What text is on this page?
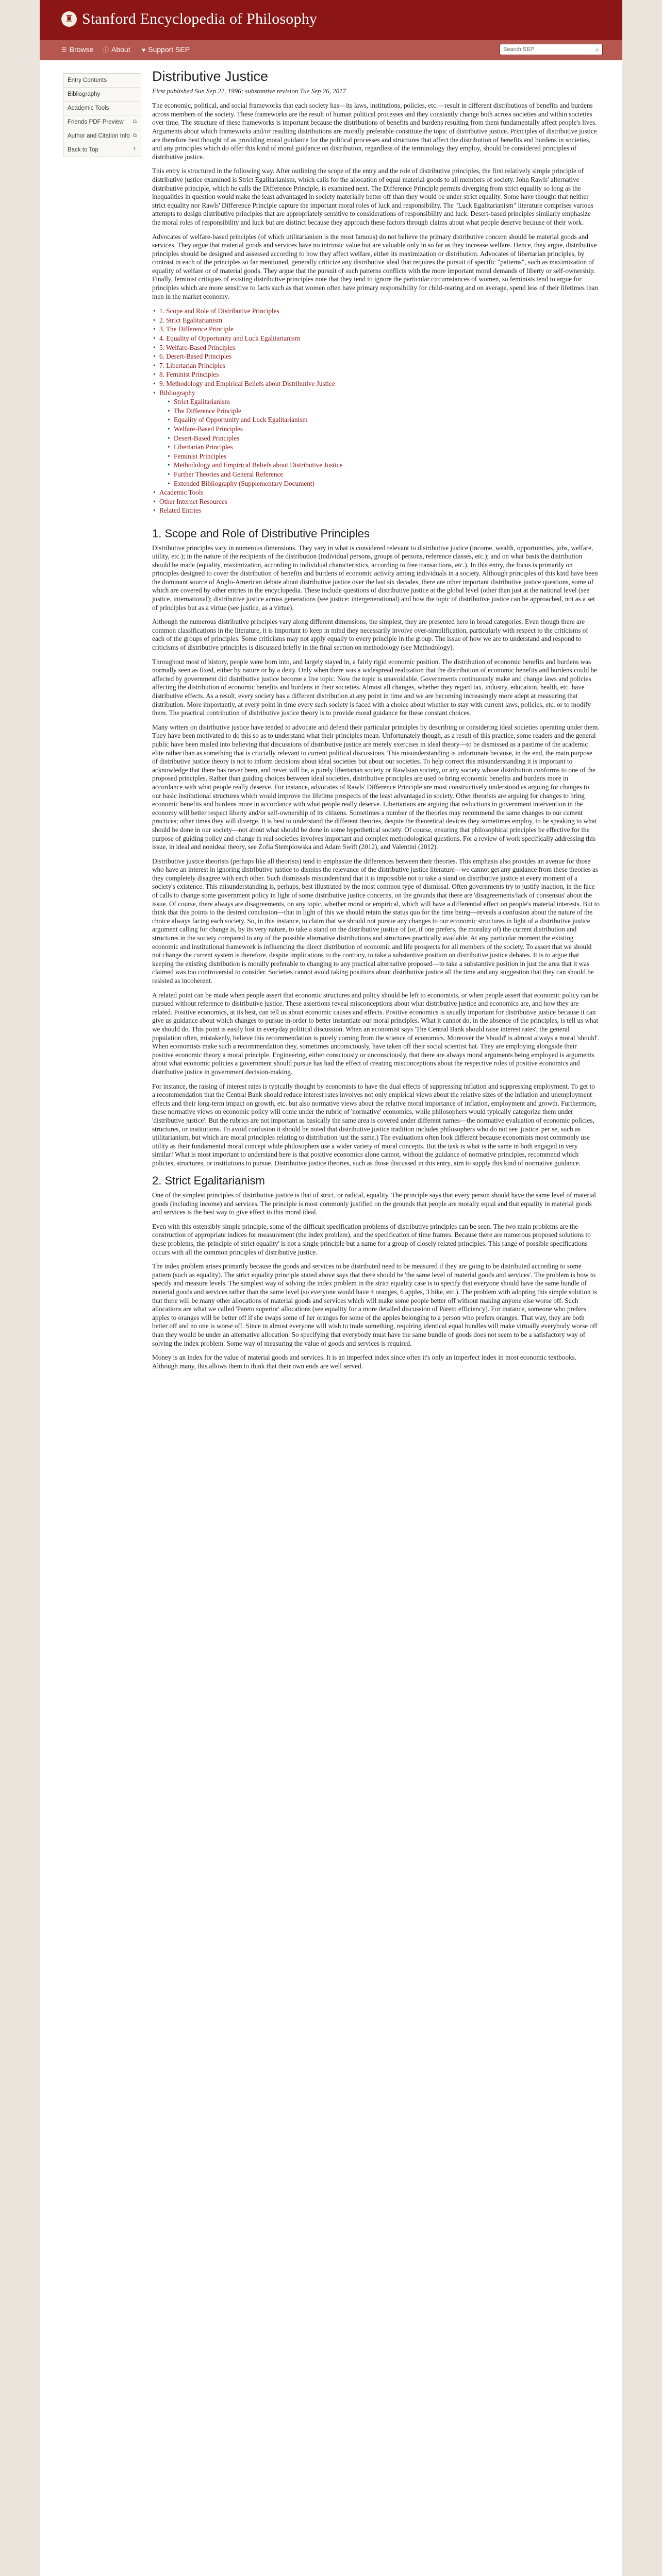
♜ Stanford Encyclopedia of Philosophy
☰ Browse ⓘ About ♥ Support SEP	Search SEP	⌕
Entry Contents
Bibliography
Academic Tools
Friends PDF Preview ⧉
Author and Citation Info ⧉
Back to Top	⇡
Distributive Justice
First published Sun Sep 22, 1996; substantive revision Tue Sep 26, 2017

The economic, political, and social frameworks that each society has—its laws, institutions, policies, etc.—result in different distributions of benefits and burdens across members of the society. These frameworks are the result of human political processes and they constantly change both across societies and within societies over time. The structure of these frameworks is important because the distributions of benefits and burdens resulting from them fundamentally affect people's lives. Arguments about which frameworks and/or resulting distributions are morally preferable constitute the topic of distributive justice. Principles of distributive justice are therefore best thought of as providing moral guidance for the political processes and structures that affect the distribution of benefits and burdens in societies, and any principles which do offer this kind of moral guidance on distribution, regardless of the terminology they employ, should be considered principles of distributive justice.

This entry is structured in the following way. After outlining the scope of the entry and the role of distributive principles, the first relatively simple principle of distributive justice examined is Strict Egalitarianism, which calls for the allocation of equal material goods to all members of society. John Rawls' alternative distributive principle, which he calls the Difference Principle, is examined next. The Difference Principle permits diverging from strict equality so long as the inequalities in question would make the least advantaged in society materially better off than they would be under strict equality. Some have thought that neither strict equality nor Rawls' Difference Principle capture the important moral roles of luck and responsibility. The "Luck Egalitarianism" literature comprises various attempts to design distributive principles that are appropriately sensitive to considerations of responsibility and luck. Desert-based principles similarly emphasize the moral roles of responsibility and luck but are distinct because they approach these factors through claims about what people deserve because of their work.

Advocates of welfare-based principles (of which utilitarianism is the most famous) do not believe the primary distributive concern should be material goods and services. They argue that material goods and services have no intrinsic value but are valuable only in so far as they increase welfare. Hence, they argue, distributive principles should be designed and assessed according to how they affect welfare, either its maximization or distribution. Advocates of libertarian principles, by contrast in each of the principles so far mentioned, generally criticize any distributive ideal that requires the pursuit of specific "patterns", such as maximization of equality of welfare or of material goods. They argue that the pursuit of such patterns conflicts with the more important moral demands of liberty or self-ownership. Finally, feminist critiques of existing distributive principles note that they tend to ignore the particular circumstances of women, so feminists tend to argue for principles which are more sensitive to facts such as that women often have primary responsibility for child-rearing and on average, spend less of their lifetimes than men in the market economy.

• 1. Scope and Role of Distributive Principles
• 2. Strict Egalitarianism
• 3. The Difference Principle
• 4. Equality of Opportunity and Luck Egalitarianism
• 5. Welfare-Based Principles
• 6. Desert-Based Principles
• 7. Libertarian Principles
• 8. Feminist Principles
• 9. Methodology and Empirical Beliefs about Distributive Justice
• Bibliography
• Strict Egalitarianism
• The Difference Principle
• Equality of Opportunity and Luck Egalitarianism
• Welfare-Based Principles
• Desert-Based Principles
• Libertarian Principles
• Feminist Principles
• Methodology and Empirical Beliefs about Distributive Justice
• Further Theories and General Reference
• Extended Bibliography (Supplementary Document)
• Academic Tools
• Other Internet Resources
• Related Entries
1. Scope and Role of Distributive Principles

Distributive principles vary in numerous dimensions. They vary in what is considered relevant to distributive justice (income, wealth, opportunities, jobs, welfare, utility, etc.); in the nature of the recipients of the distribution (individual persons, groups of persons, reference classes, etc.); and on what basis the distribution should be made (equality, maximization, according to individual characteristics, according to free transactions, etc.). In this entry, the focus is primarily on principles designed to cover the distribution of benefits and burdens of economic activity among individuals in a society. Although principles of this kind have been the dominant source of Anglo-American debate about distributive justice over the last six decades, there are other important distributive justice questions, some of which are covered by other entries in the encyclopedia. These include questions of distributive justice at the global level (other than just at the national level (see justice, international); distributive justice across generations (see justice: intergenerational) and how the topic of distributive justice can be approached, not as a set of principles but as a virtue (see justice, as a virtue).

Although the numerous distributive principles vary along different dimensions, the simplest, they are presented here in broad categories. Even though there are common classifications in the literature, it is important to keep in mind they necessarily involve over-simplification, particularly with respect to the criticisms of each of the groups of principles. Some criticisms may not apply equally to every principle in the group. The issue of how we are to understand and respond to criticisms of distributive principles is discussed briefly in the final section on methodology (see Methodology).

Throughout most of history, people were born into, and largely stayed in, a fairly rigid economic position. The distribution of economic benefits and burdens was normally seen as fixed, either by nature or by a deity. Only when there was a widespread realization that the distribution of economic benefits and burdens could be affected by government did distributive justice become a live topic. Now the topic is unavoidable. Governments continuously make and change laws and policies affecting the distribution of economic benefits and burdens in their societies. Almost all changes, whether they regard tax, industry, education, health, etc. have distributive effects. As a result, every society has a different distribution at any point in time and we are becoming increasingly more adept at measuring that distribution. More importantly, at every point in time every such society is faced with a choice about whether to stay with current laws, policies, etc. or to modify them. The practical contribution of distributive justice theory is to provide moral guidance for these constant choices.

Many writers on distributive justice have tended to advocate and defend their particular principles by describing or considering ideal societies operating under them. They have been motivated to do this so as to understand what their principles mean. Unfortunately though, as a result of this practice, some readers and the general public have been misled into believing that discussions of distributive justice are merely exercises in ideal theory—to be dismissed as a pastime of the academic elite rather than as something that is crucially relevant to current political discussions. This misunderstanding is unfortunate because, in the end, the main purpose of distributive justice theory is not to inform decisions about ideal societies but about our societies. To help correct this misunderstanding it is important to acknowledge that there has never been, and never will be, a purely libertarian society or Rawlsian society, or any society whose distribution conforms to one of the proposed principles. Rather than guiding choices between ideal societies, distributive principles are used to bring economic benefits and burdens more in accordance with what people really deserve. For instance, advocates of Rawls' Difference Principle are most constructively understood as arguing for changes to our basic institutional structures which would improve the lifetime prospects of the least advantaged in society. Other theorists are arguing for changes to bring economic benefits and burdens more in accordance with what people really deserve. Libertarians are arguing that reductions in government intervention in the economy will better respect liberty and/or self-ownership of its citizens. Sometimes a number of the theories may recommend the same changes to our current practices; other times they will diverge. It is best to understand the different theories, despite the theoretical devices they sometimes employ, to be speaking to what should be done in our society—not about what should be done in some hypothetical society. Of course, ensuring that philosophical principles be effective for the purpose of guiding policy and change in real societies involves important and complex methodological questions. For a review of work specifically addressing this issue, in ideal and nonideal theory, see Zofia Stemplowska and Adam Swift (2012), and Valentini (2012).

Distributive justice theorists (perhaps like all theorists) tend to emphasize the differences between their theories. This emphasis also provides an avenue for those who have an interest in ignoring distributive justice to dismiss the relevance of the distributive justice literature—we cannot get any guidance from these theories as they completely disagree with each other. Such dismissals misunderstand that it is impossible not to take a stand on distributive justice at every moment of a society's existence. This misunderstanding is, perhaps, best illustrated by the most common type of dismissal. Often governments try to justify inaction, in the face of calls to change some government policy in light of some distributive justice concerns, on the grounds that there are 'disagreements/lack of consensus' about the issue. Of course, there always are disagreements, on any topic, whether moral or empirical, which will have a differential effect on people's material interests. But to think that this points to the desired conclusion—that in light of this we should retain the status quo for the time being—reveals a confusion about the nature of the choice always facing each society. So, in this instance, to claim that we should not pursue any changes to our economic structures in light of a distributive justice argument calling for change is, by its very nature, to take a stand on the distributive justice of (or, if one prefers, the morality of) the current distribution and structures in the society compared to any of the possible alternative distributions and structures practically available. At any particular moment the existing economic and institutional framework is influencing the direct distribution of economic and life prospects for all members of the society. To assert that we should not change the current system is therefore, despite implications to the contrary, to take a substantive position on distributive justice debates. It is to argue that keeping the existing distribution is morally preferable to changing to any practical alternative proposed—to take a substantive position in just the area that it was claimed was too controversial to consider. Societies cannot avoid taking positions about distributive justice all the time and any suggestion that they can should be resisted as incoherent.

A related point can be made when people assert that economic structures and policy should be left to economists, or when people assert that economic policy can be pursued without reference to distributive justice. These assertions reveal misconceptions about what distributive justice and economics are, and how they are related. Positive economics, at its best, can tell us about economic causes and effects. Positive economics is usually important for distributive justice because it can give us guidance about which changes to pursue in-order to better instantiate our moral principles. What it cannot do, in the absence of the principles, is tell us what we should do. This point is easily lost in everyday political discussion. When an economist says 'The Central Bank should raise interest rates', the general population often, mistakenly, believe this recommendation is purely coming from the science of economics. Moreover the 'should' is almost always a moral 'should'. When economists make such a recommendation they, sometimes unconsciously, have taken off their social scientist hat. They are employing alongside their positive economic theory a moral principle. Engineering, either consciously or unconsciously, that there are always moral arguments being employed is arguments about what economic policies a government should pursue has had the effect of creating misconceptions about the respective roles of positive economics and distributive justice in government decision-making.

For instance, the raising of interest rates is typically thought by economists to have the dual effects of suppressing inflation and suppressing employment. To get to a recommendation that the Central Bank should reduce interest rates involves not only empirical views about the relative sizes of the inflation and unemployment effects and their long-term impact on growth, etc. but also normative views about the relative moral importance of inflation, employment and growth. Furthermore, these normative views on economic policy will come under the rubric of 'normative' economics, while philosophers would typically categorize them under 'distributive justice'. But the rubrics are not important as basically the same area is covered under different names—the normative evaluation of economic policies, structures, or institutions. To avoid confusion it should be noted that distributive justice tradition includes philosophers who do not see 'justice' per se, such as utilitarianism, but which are moral principles relating to distribution just the same.) The evaluations often look different because economists most commonly use utility as their fundamental moral concept while philosophers use a wider variety of moral concepts. But the task is what is the same in both engaged in very similar! What is most important to understand here is that positive economics alone cannot, without the guidance of normative principles, recommend which policies, structures, or institutions to pursue. Distributive justice theories, such as those discussed in this entry, aim to supply this kind of normative guidance.

2. Strict Egalitarianism

One of the simplest principles of distributive justice is that of strict, or radical, equality. The principle says that every person should have the same level of material goods (including income) and services. The principle is most commonly justified on the grounds that people are morally equal and that equality in material goods and services is the best way to give effect to this moral ideal.

Even with this ostensibly simple principle, some of the difficult specification problems of distributive principles can be seen. The two main problems are the construction of appropriate indices for measurement (the index problem), and the specification of time frames. Because there are numerous proposed solutions to these problems, the 'principle of strict equality' is not a single principle but a name for a group of closely related principles. This range of possible specifications occurs with all the common principles of distributive justice.

The index problem arises primarily because the goods and services to be distributed need to be measured if they are going to be distributed according to some pattern (such as equality). The strict equality principle stated above says that there should be 'the same level of material goods and services'. The problem is how to specify and measure levels. The simplest way of solving the index problem in the strict equality case is to specify that everyone should have the same bundle of material goods and services rather than the same level (so everyone would have 4 oranges, 6 apples, 3 bike, etc.). The problem with adopting this simple solution is that there will be many other allocations of material goods and services which will make some people better off without making anyone else worse off. Such allocations are what we called 'Pareto superior' allocations (see equality for a more detailed discussion of Pareto efficiency). For instance, someone who prefers apples to oranges will be better off if she swaps some of her oranges for some of the apples belonging to a person who prefers oranges. That way, they are both better off and no one is worse off. Since in almost everyone will wish to trade something, requiring identical equal bundles will make virtually everybody worse off than they would be under an alternative allocation. So specifying that everybody must have the same bundle of goods does not seem to be a satisfactory way of solving the index problem. Some way of measuring the value of goods and services is required.

Money is an index for the value of material goods and services. It is an imperfect index since often it's only an imperfect index in most economic textbooks. Although many, this allows them to think that their own ends are well served.
